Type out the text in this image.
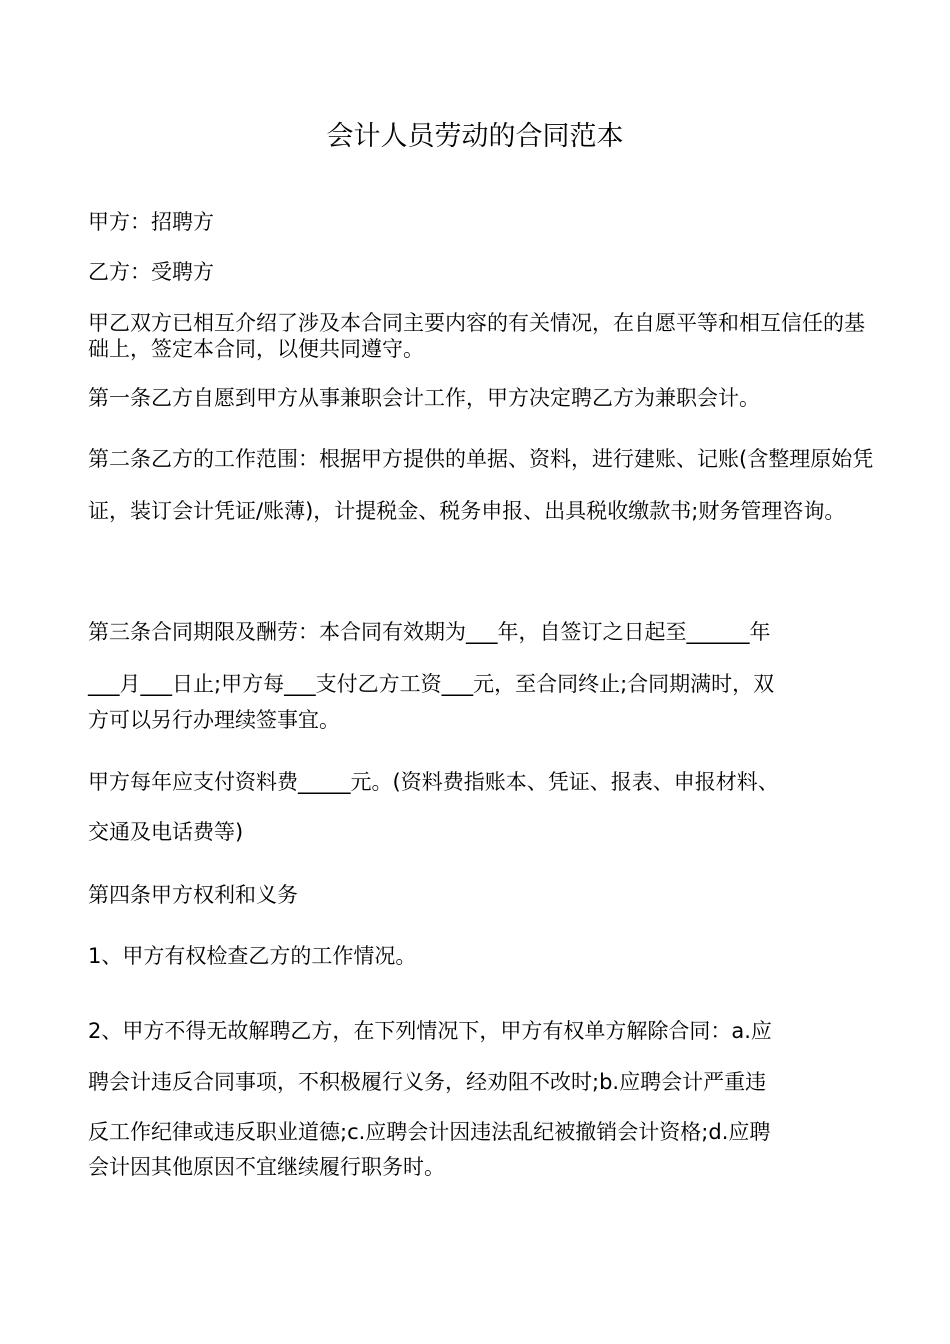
会计人员劳动的合同范本

甲方：招聘方

乙方：受聘方

甲乙双方已相互介绍了涉及本合同主要内容的有关情况，在自愿平等和相互信任的基础上，签定本合同，以便共同遵守。

第一条乙方自愿到甲方从事兼职会计工作，甲方决定聘乙方为兼职会计。

第二条乙方的工作范围：根据甲方提供的单据、资料，进行建账、记账(含整理原始凭证，装订会计凭证/账薄)，计提税金、税务申报、出具税收缴款书;财务管理咨询。

第三条合同期限及酬劳：本合同有效期为___年，自签订之日起至______年

___月___日止;甲方每___支付乙方工资___元，至合同终止;合同期满时，双

方可以另行办理续签事宜。

甲方每年应支付资料费_____元。(资料费指账本、凭证、报表、申报材料、

交通及电话费等)

第四条甲方权利和义务

1、甲方有权检查乙方的工作情况。

2、甲方不得无故解聘乙方，在下列情况下，甲方有权单方解除合同：a.应

聘会计违反合同事项，不积极履行义务，经劝阻不改时;b.应聘会计严重违

反工作纪律或违反职业道德;c.应聘会计因违法乱纪被撤销会计资格;d.应聘

会计因其他原因不宜继续履行职务时。
